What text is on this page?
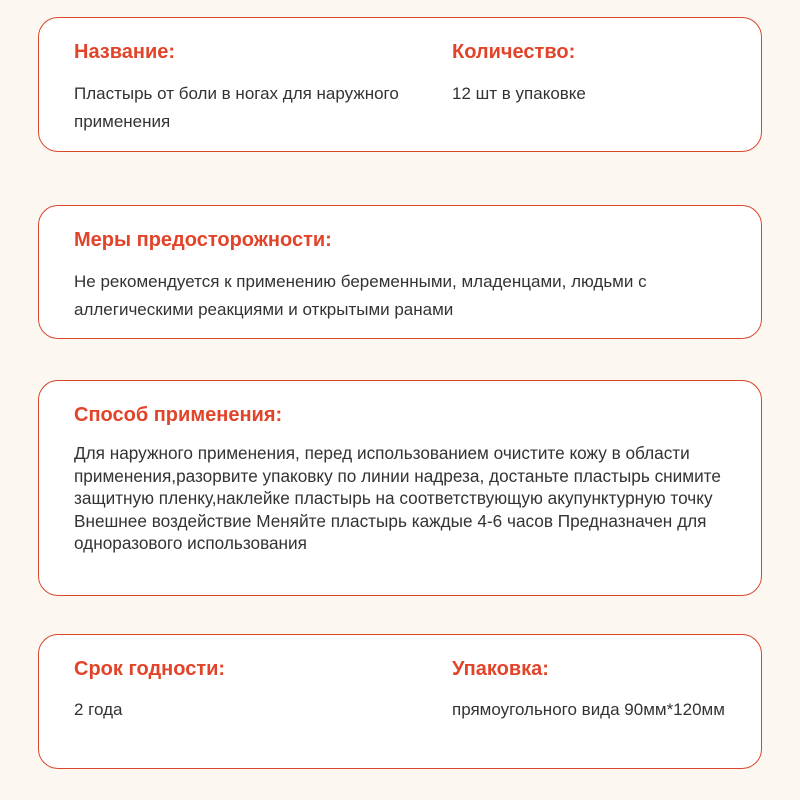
Название:

Пластырь от боли в ногах для наружного применения

Количество:

12 шт в упаковке

Меры предосторожности:

Не рекомендуется к применению беременными, младенцами, людьми с аллегическими реакциями и открытыми ранами

Способ применения:

Для наружного применения, перед использованием очистите кожу в области применения,разорвите упаковку по линии надреза, достаньте пластырь снимите защитную пленку,наклейке пластырь на соответствующую акупунктурную точку Внешнее воздействие Меняйте пластырь каждые 4-6 часов Предназначен для одноразового использования

Срок годности:

2 года

Упаковка:

прямоугольного вида 90мм*120мм
